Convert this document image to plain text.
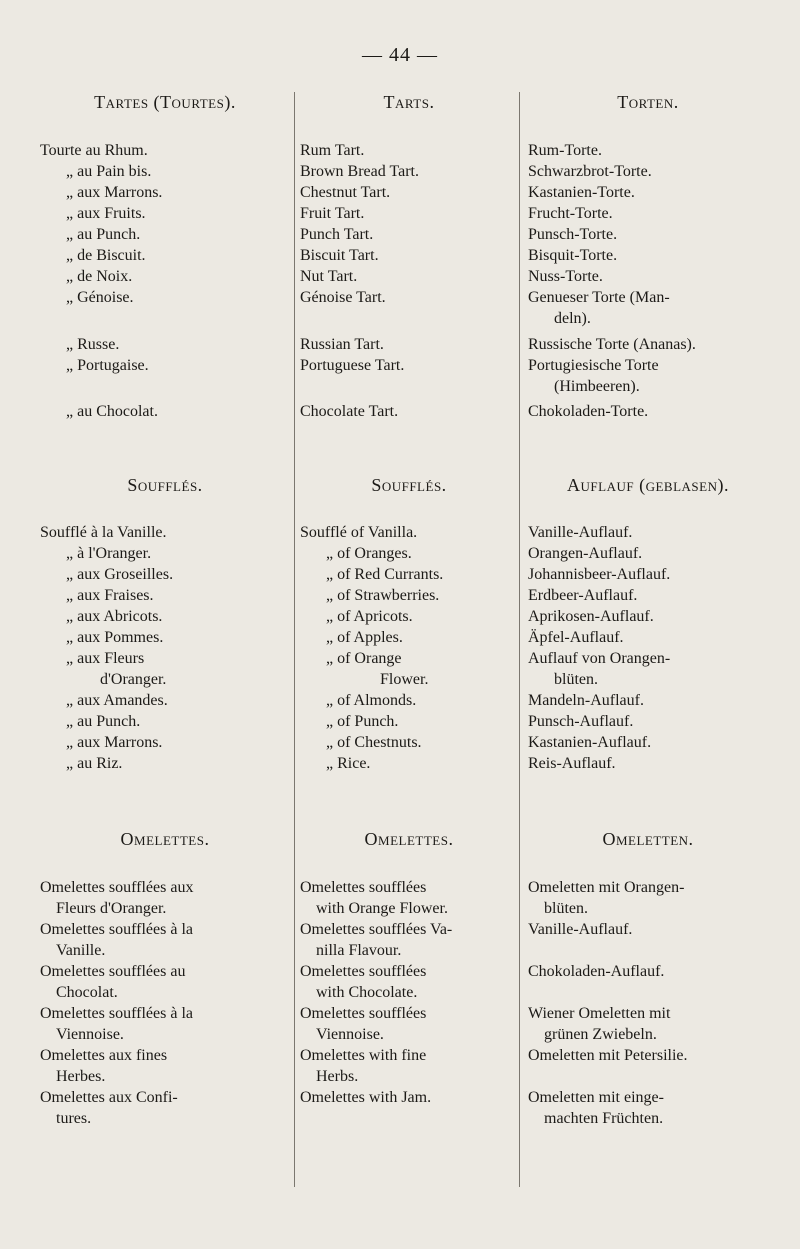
— 44 —
Tartes (Tourtes).
Tourte au Rhum.
„ au Pain bis.
„ aux Marrons.
„ aux Fruits.
„ au Punch.
„ de Biscuit.
„ de Noix.
„ Génoise.
„ Russe.
„ Portugaise.
„ au Chocolat.
Soufflés.
Soufflé à la Vanille.
„ à l'Oranger.
„ aux Groseilles.
„ aux Fraises.
„ aux Abricots.
„ aux Pommes.
„ aux Fleurs
d'Oranger.
„ aux Amandes.
„ au Punch.
„ aux Marrons.
„ au Riz.
Omelettes.
Omelettes soufflées aux
Fleurs d'Oranger.
Omelettes soufflées à la
Vanille.
Omelettes soufflées au
Chocolat.
Omelettes soufflées à la
Viennoise.
Omelettes aux fines
Herbes.
Omelettes aux Confi-
tures.
Tarts.
Rum Tart.
Brown Bread Tart.
Chestnut Tart.
Fruit Tart.
Punch Tart.
Biscuit Tart.
Nut Tart.
Génoise Tart.
Russian Tart.
Portuguese Tart.
Chocolate Tart.
Soufflés.
Soufflé of Vanilla.
„ of Oranges.
„ of Red Currants.
„ of Strawberries.
„ of Apricots.
„ of Apples.
„ of Orange
Flower.
„ of Almonds.
„ of Punch.
„ of Chestnuts.
„ Rice.
Omelettes.
Omelettes soufflées
with Orange Flower.
Omelettes soufflées Va-
nilla Flavour.
Omelettes soufflées
with Chocolate.
Omelettes soufflées
Viennoise.
Omelettes with fine
Herbs.
Omelettes with Jam.
Torten.
Rum-Torte.
Schwarzbrot-Torte.
Kastanien-Torte.
Frucht-Torte.
Punsch-Torte.
Bisquit-Torte.
Nuss-Torte.
Genueser Torte (Man-
deln).
Russische Torte (Ananas).
Portugiesische Torte
(Himbeeren).
Chokoladen-Torte.
Auflauf (geblasen).
Vanille-Auflauf.
Orangen-Auflauf.
Johannisbeer-Auflauf.
Erdbeer-Auflauf.
Aprikosen-Auflauf.
Äpfel-Auflauf.
Auflauf von Orangen-
blüten.
Mandeln-Auflauf.
Punsch-Auflauf.
Kastanien-Auflauf.
Reis-Auflauf.
Omeletten.
Omeletten mit Orangen-
blüten.
Vanille-Auflauf.
Chokoladen-Auflauf.
Wiener Omeletten mit
grünen Zwiebeln.
Omeletten mit Petersilie.
Omeletten mit einge-
machten Früchten.
